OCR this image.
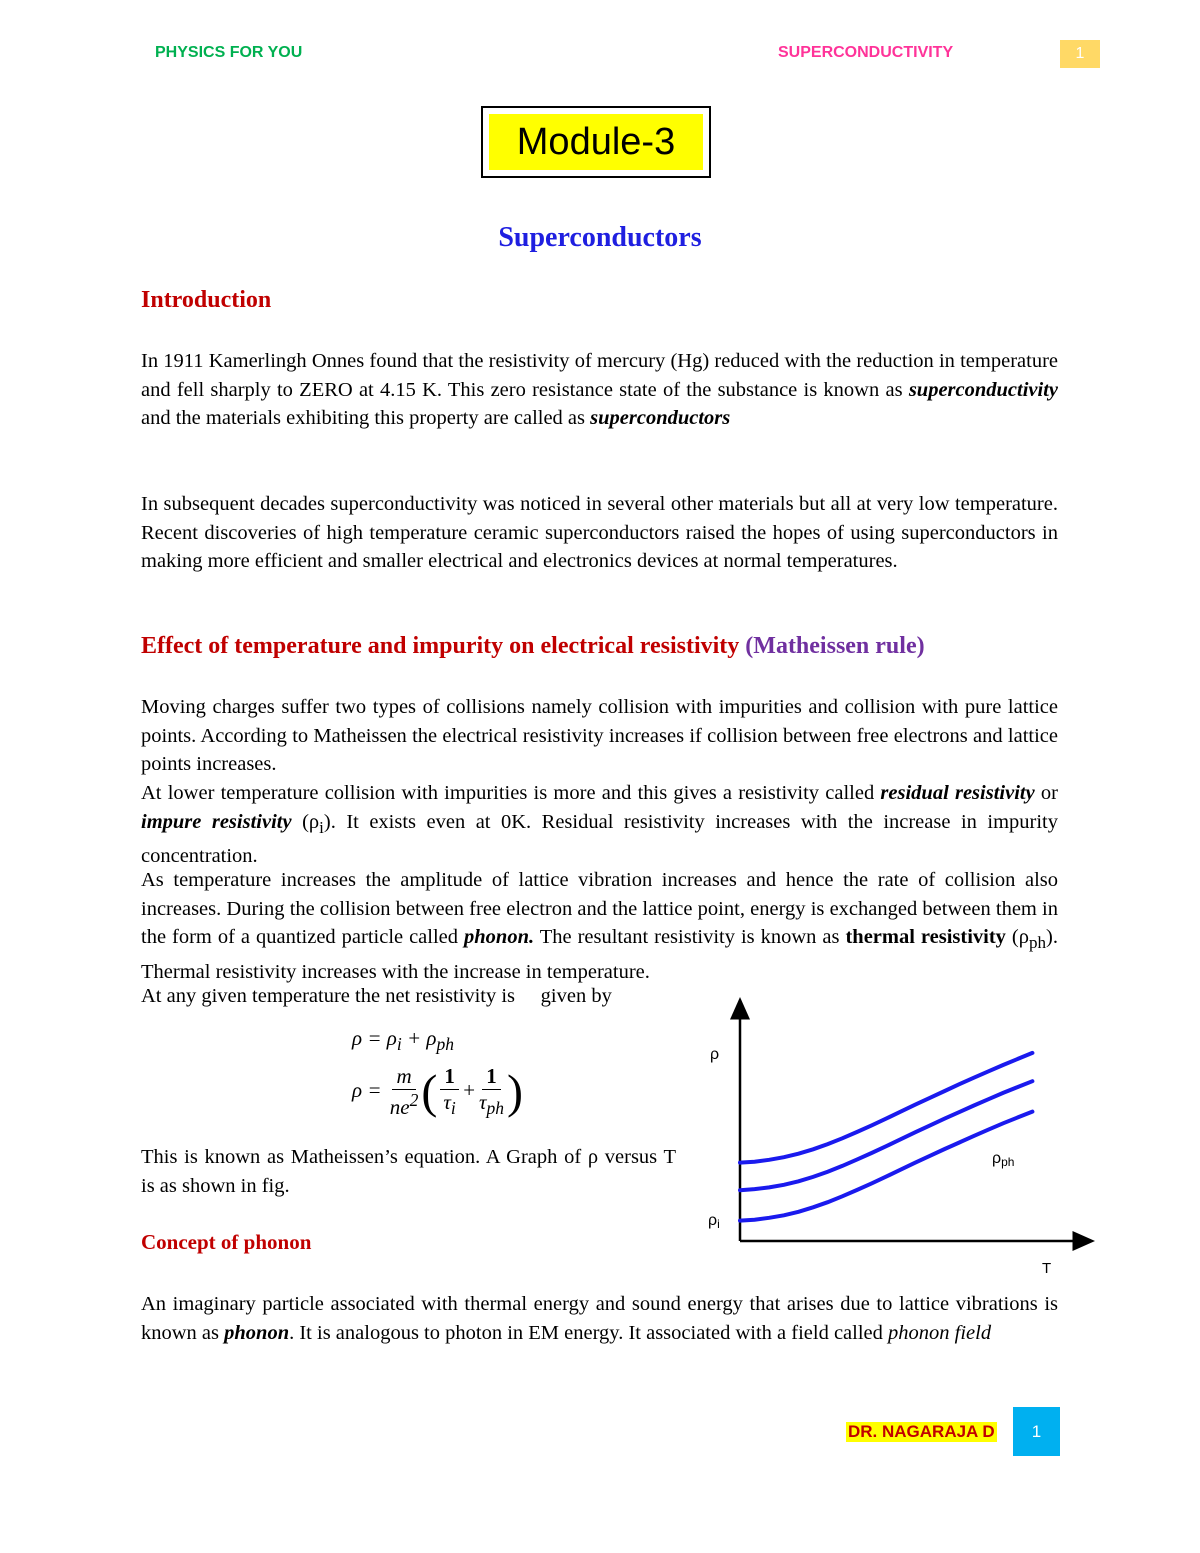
PHYSICS FOR YOU	SUPERCONDUCTIVITY	1
Module-3
Superconductors
Introduction
In 1911 Kamerlingh Onnes found that the resistivity of mercury (Hg) reduced with the reduction in temperature and fell sharply to ZERO at 4.15 K. This zero resistance state of the substance is known as superconductivity and the materials exhibiting this property are called as superconductors
In subsequent decades superconductivity was noticed in several other materials but all at very low temperature. Recent discoveries of high temperature ceramic superconductors raised the hopes of using superconductors in making more efficient and smaller electrical and electronics devices at normal temperatures.
Effect of temperature and impurity on electrical resistivity (Matheissen rule)
Moving charges suffer two types of collisions namely collision with impurities and collision with pure lattice points. According to Matheissen the electrical resistivity increases if collision between free electrons and lattice points increases.
At lower temperature collision with impurities is more and this gives a resistivity called residual resistivity or impure resistivity $(\rho_i)$. It exists even at 0K. Residual resistivity increases with the increase in impurity concentration.
As temperature increases the amplitude of lattice vibration increases and hence the rate of collision also increases. During the collision between free electron and the lattice point, energy is exchanged between them in the form of a quantized particle called phonon. The resultant resistivity is known as thermal resistivity $(\rho_{ph})$. Thermal resistivity increases with the increase in temperature.
At any given temperature the net resistivity is     given by
$\rho = \rho_i + \rho_{ph}$
$\rho = \frac{m}{ne^2}$ ( $\frac{1}{\tau_i} + \frac{1}{\tau_{ph}}$ )
This is known as Matheissen’s equation. A Graph of ρ versus T is as shown in fig.
Concept of phonon
An imaginary particle associated with thermal energy and sound energy that arises due to lattice vibrations is known as phonon. It is analogous to photon in EM energy. It associated with a field called phonon field
ρ
T
ρph
ρi
DR. NAGARAJA D	1
